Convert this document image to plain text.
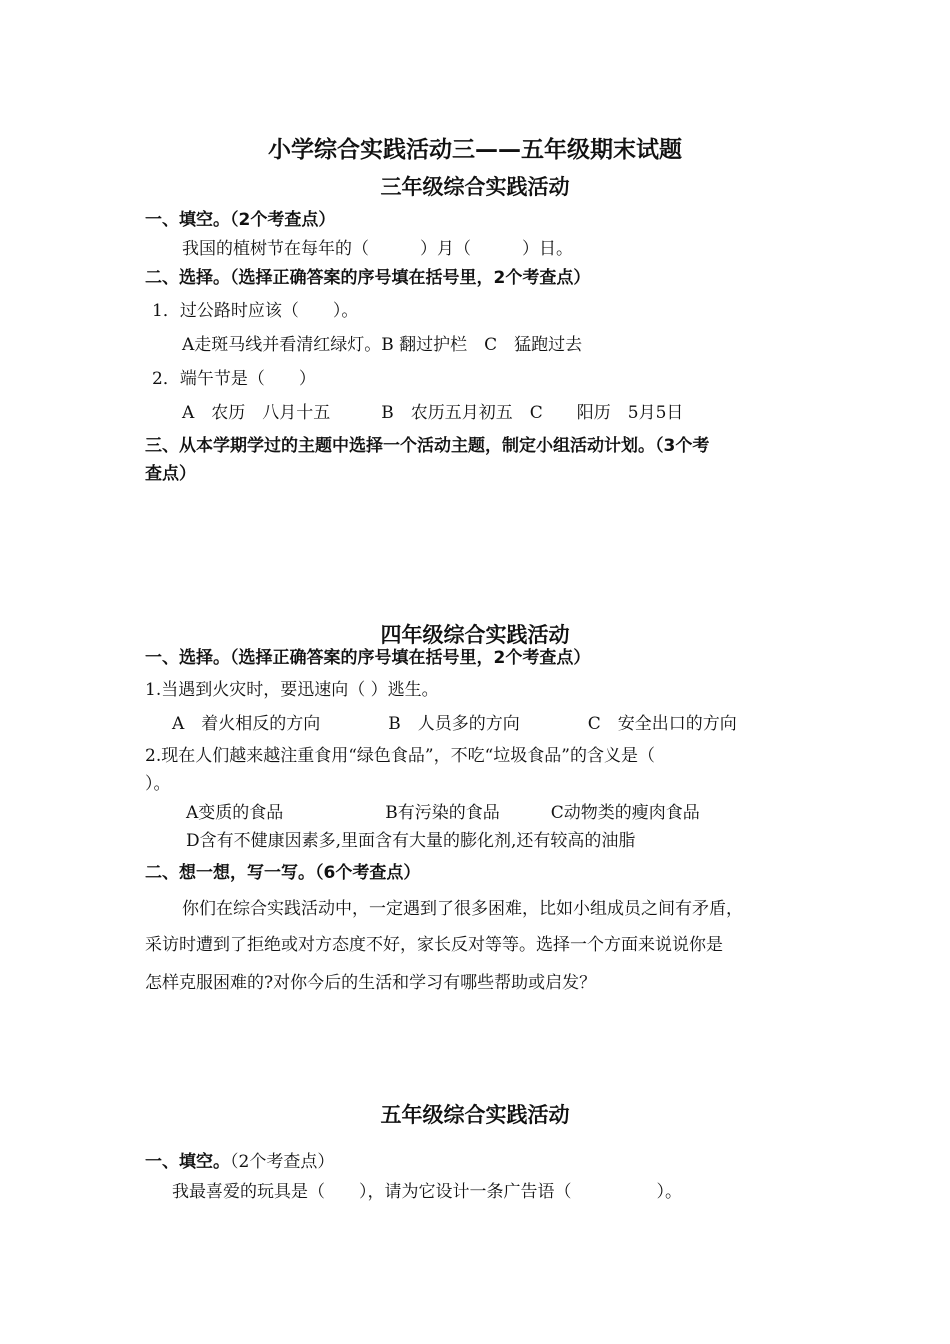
小学综合实践活动三——五年级期末试题
三年级综合实践活动
一、填空。（2个考查点）
我国的植树节在每年的（　　　）月（　　　）日。
二、选择。（选择正确答案的序号填在括号里，2个考查点）
1．过公路时应该（　　）。
A走斑马线并看清红绿灯。B 翻过护栏　C　猛跑过去
2．端午节是（　　）
A　农历　八月十五　　　B　农历五月初五　C　　阳历　5月5日
三、从本学期学过的主题中选择一个活动主题，制定小组活动计划。（3个考
查点）
四年级综合实践活动
一、选择。（选择正确答案的序号填在括号里，2个考查点）
1.当遇到火灾时，要迅速向（ ）逃生。
A　着火相反的方向　　　　B　人员多的方向　　　　C　安全出口的方向
2.现在人们越来越注重食用“绿色食品”，不吃“垃圾食品”的含义是（
）。
A变质的食品　　　　　　B有污染的食品　　　C动物类的瘦肉食品
D含有不健康因素多,里面含有大量的膨化剂,还有较高的油脂
二、想一想，写一写。（6个考查点）
你们在综合实践活动中，一定遇到了很多困难，比如小组成员之间有矛盾，
采访时遭到了拒绝或对方态度不好，家长反对等等。选择一个方面来说说你是
怎样克服困难的?对你今后的生活和学习有哪些帮助或启发？
五年级综合实践活动
一、填空。（2个考查点）
我最喜爱的玩具是（　　），请为它设计一条广告语（　　　　　）。
